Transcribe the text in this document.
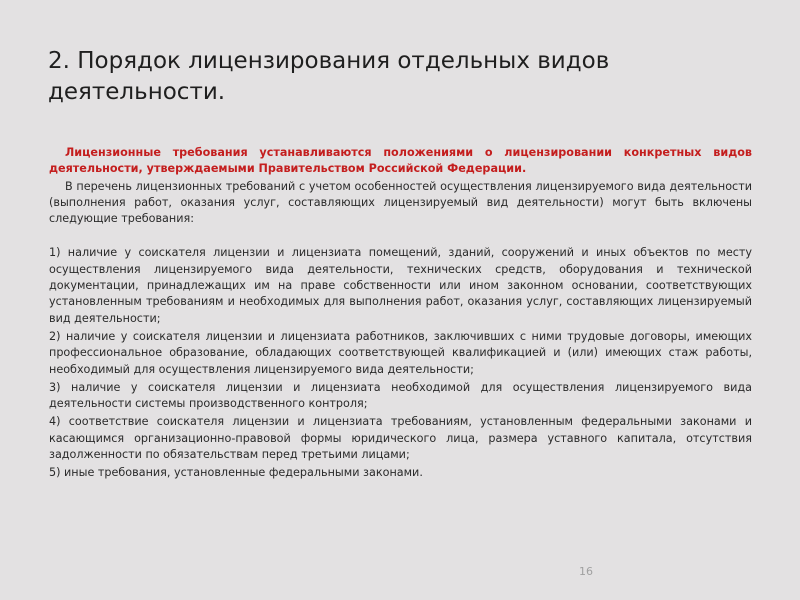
2. Порядок лицензирования отдельных видов деятельности.

Лицензионные требования устанавливаются положениями о лицензировании конкретных видов деятельности, утверждаемыми Правительством Российской Федерации.

В перечень лицензионных требований с учетом особенностей осуществления лицензируемого вида деятельности (выполнения работ, оказания услуг, составляющих лицензируемый вид деятельности) могут быть включены следующие требования:

1) наличие у соискателя лицензии и лицензиата помещений, зданий, сооружений и иных объектов по месту осуществления лицензируемого вида деятельности, технических средств, оборудования и технической документации, принадлежащих им на праве собственности или ином законном основании, соответствующих установленным требованиям и необходимых для выполнения работ, оказания услуг, составляющих лицензируемый вид деятельности;

2) наличие у соискателя лицензии и лицензиата работников, заключивших с ними трудовые договоры, имеющих профессиональное образование, обладающих соответствующей квалификацией и (или) имеющих стаж работы, необходимый для осуществления лицензируемого вида деятельности;

3) наличие у соискателя лицензии и лицензиата необходимой для осуществления лицензируемого вида деятельности системы производственного контроля;

4) соответствие соискателя лицензии и лицензиата требованиям, установленным федеральными законами и касающимся организационно-правовой формы юридического лица, размера уставного капитала, отсутствия задолженности по обязательствам перед третьими лицами;

5) иные требования, установленные федеральными законами.

16
